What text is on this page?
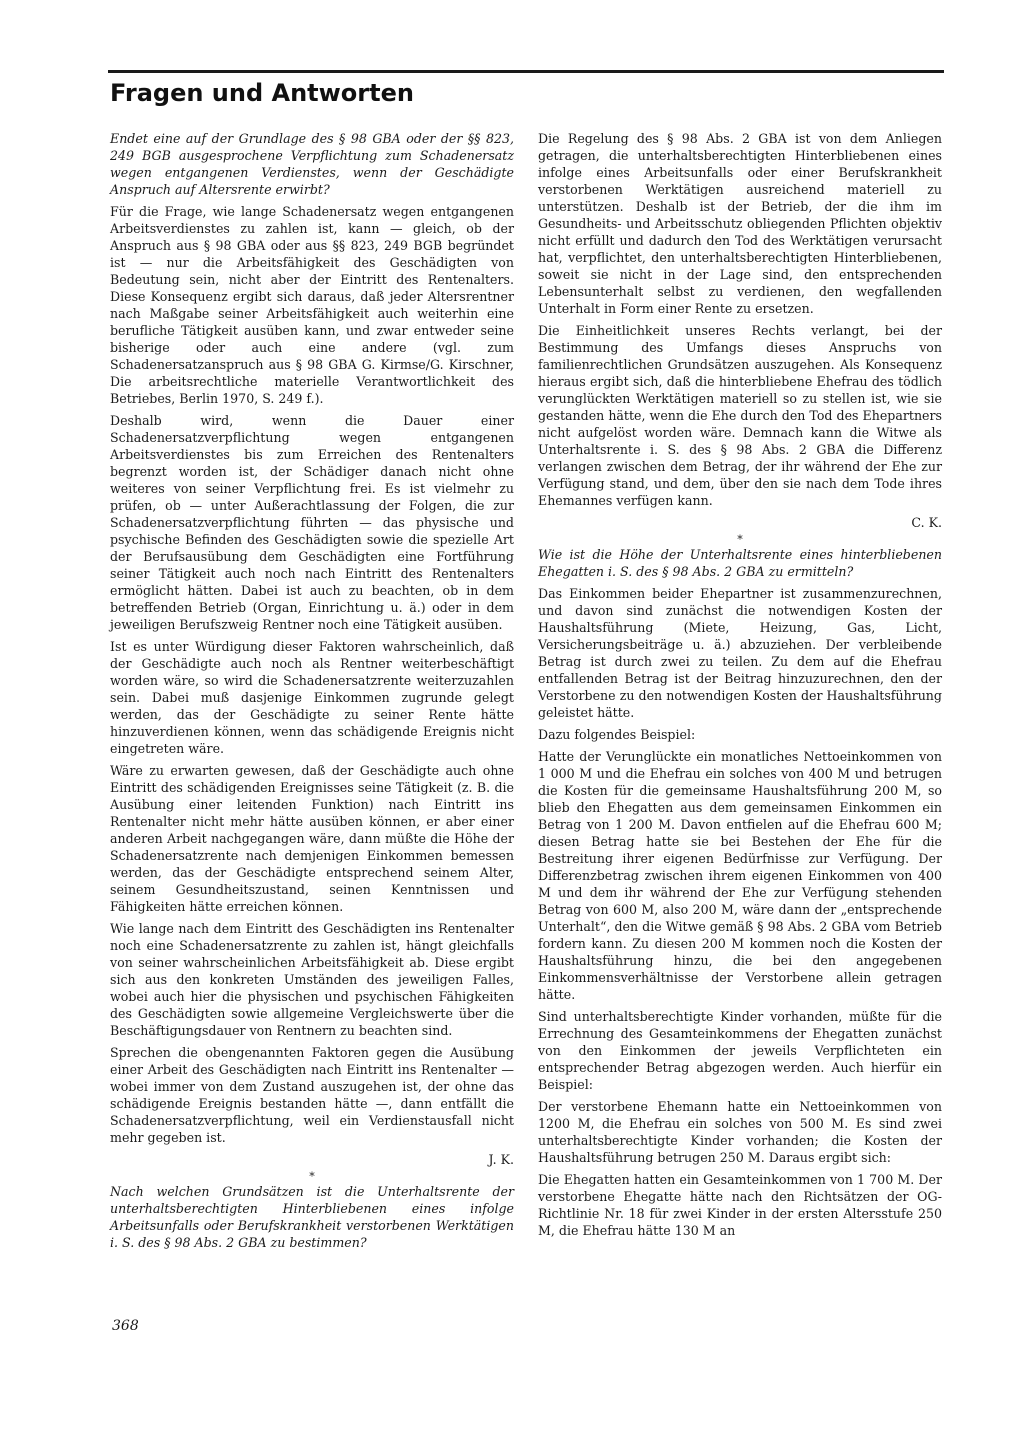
Fragen und Antworten

Endet eine auf der Grundlage des § 98 GBA oder der §§ 823, 249 BGB ausgesprochene Verpflichtung zum Schadenersatz wegen entgangenen Verdienstes, wenn der Geschädigte Anspruch auf Altersrente erwirbt?

Für die Frage, wie lange Schadenersatz wegen entgangenen Arbeitsverdienstes zu zahlen ist, kann — gleich, ob der Anspruch aus § 98 GBA oder aus §§ 823, 249 BGB begründet ist — nur die Arbeitsfähigkeit des Geschädigten von Bedeutung sein, nicht aber der Eintritt des Rentenalters. Diese Konsequenz ergibt sich daraus, daß jeder Altersrentner nach Maßgabe seiner Arbeitsfähigkeit auch weiterhin eine berufliche Tätigkeit ausüben kann, und zwar entweder seine bisherige oder auch eine andere (vgl. zum Schadenersatzanspruch aus § 98 GBA G. Kirmse/G. Kirschner, Die arbeitsrechtliche materielle Verantwortlichkeit des Betriebes, Berlin 1970, S. 249 f.).

Deshalb wird, wenn die Dauer einer Schadenersatzverpflichtung wegen entgangenen Arbeitsverdienstes bis zum Erreichen des Rentenalters begrenzt worden ist, der Schädiger danach nicht ohne weiteres von seiner Verpflichtung frei. Es ist vielmehr zu prüfen, ob — unter Außerachtlassung der Folgen, die zur Schadenersatzverpflichtung führten — das physische und psychische Befinden des Geschädigten sowie die spezielle Art der Berufsausübung dem Geschädigten eine Fortführung seiner Tätigkeit auch noch nach Eintritt des Rentenalters ermöglicht hätten. Dabei ist auch zu beachten, ob in dem betreffenden Betrieb (Organ, Einrichtung u. ä.) oder in dem jeweiligen Berufszweig Rentner noch eine Tätigkeit ausüben.

Ist es unter Würdigung dieser Faktoren wahrscheinlich, daß der Geschädigte auch noch als Rentner weiterbeschäftigt worden wäre, so wird die Schadenersatzrente weiterzuzahlen sein. Dabei muß dasjenige Einkommen zugrunde gelegt werden, das der Geschädigte zu seiner Rente hätte hinzuverdienen können, wenn das schädigende Ereignis nicht eingetreten wäre.

Wäre zu erwarten gewesen, daß der Geschädigte auch ohne Eintritt des schädigenden Ereignisses seine Tätigkeit (z. B. die Ausübung einer leitenden Funktion) nach Eintritt ins Rentenalter nicht mehr hätte ausüben können, er aber einer anderen Arbeit nachgegangen wäre, dann müßte die Höhe der Schadenersatzrente nach demjenigen Einkommen bemessen werden, das der Geschädigte entsprechend seinem Alter, seinem Gesundheitszustand, seinen Kenntnissen und Fähigkeiten hätte erreichen können.

Wie lange nach dem Eintritt des Geschädigten ins Rentenalter noch eine Schadenersatzrente zu zahlen ist, hängt gleichfalls von seiner wahrscheinlichen Arbeitsfähigkeit ab. Diese ergibt sich aus den konkreten Umständen des jeweiligen Falles, wobei auch hier die physischen und psychischen Fähigkeiten des Geschädigten sowie allgemeine Vergleichswerte über die Beschäftigungsdauer von Rentnern zu beachten sind.

Sprechen die obengenannten Faktoren gegen die Ausübung einer Arbeit des Geschädigten nach Eintritt ins Rentenalter — wobei immer von dem Zustand auszugehen ist, der ohne das schädigende Ereignis bestanden hätte —, dann entfällt die Schadenersatzverpflichtung, weil ein Verdienstausfall nicht mehr gegeben ist.

J. K.

*

Nach welchen Grundsätzen ist die Unterhaltsrente der unterhaltsberechtigten Hinterbliebenen eines infolge Arbeitsunfalls oder Berufskrankheit verstorbenen Werktätigen i. S. des § 98 Abs. 2 GBA zu bestimmen?

Die Regelung des § 98 Abs. 2 GBA ist von dem Anliegen getragen, die unterhaltsberechtigten Hinterbliebenen eines infolge eines Arbeitsunfalls oder einer Berufskrankheit verstorbenen Werktätigen ausreichend materiell zu unterstützen. Deshalb ist der Betrieb, der die ihm im Gesundheits- und Arbeitsschutz obliegenden Pflichten objektiv nicht erfüllt und dadurch den Tod des Werktätigen verursacht hat, verpflichtet, den unterhaltsberechtigten Hinterbliebenen, soweit sie nicht in der Lage sind, den entsprechenden Lebensunterhalt selbst zu verdienen, den wegfallenden Unterhalt in Form einer Rente zu ersetzen.

Die Einheitlichkeit unseres Rechts verlangt, bei der Bestimmung des Umfangs dieses Anspruchs von familienrechtlichen Grundsätzen auszugehen. Als Konsequenz hieraus ergibt sich, daß die hinterbliebene Ehefrau des tödlich verunglückten Werktätigen materiell so zu stellen ist, wie sie gestanden hätte, wenn die Ehe durch den Tod des Ehepartners nicht aufgelöst worden wäre. Demnach kann die Witwe als Unterhaltsrente i. S. des § 98 Abs. 2 GBA die Differenz verlangen zwischen dem Betrag, der ihr während der Ehe zur Verfügung stand, und dem, über den sie nach dem Tode ihres Ehemannes verfügen kann.

C. K.

*

Wie ist die Höhe der Unterhaltsrente eines hinterbliebenen Ehegatten i. S. des § 98 Abs. 2 GBA zu ermitteln?

Das Einkommen beider Ehepartner ist zusammenzurechnen, und davon sind zunächst die notwendigen Kosten der Haushaltsführung (Miete, Heizung, Gas, Licht, Versicherungsbeiträge u. ä.) abzuziehen. Der verbleibende Betrag ist durch zwei zu teilen. Zu dem auf die Ehefrau entfallenden Betrag ist der Beitrag hinzuzurechnen, den der Verstorbene zu den notwendigen Kosten der Haushaltsführung geleistet hätte.

Dazu folgendes Beispiel:

Hatte der Verunglückte ein monatliches Nettoeinkommen von 1 000 M und die Ehefrau ein solches von 400 M und betrugen die Kosten für die gemeinsame Haushaltsführung 200 M, so blieb den Ehegatten aus dem gemeinsamen Einkommen ein Betrag von 1 200 M. Davon entfielen auf die Ehefrau 600 M; diesen Betrag hatte sie bei Bestehen der Ehe für die Bestreitung ihrer eigenen Bedürfnisse zur Verfügung. Der Differenzbetrag zwischen ihrem eigenen Einkommen von 400 M und dem ihr während der Ehe zur Verfügung stehenden Betrag von 600 M, also 200 M, wäre dann der „entsprechende Unterhalt“, den die Witwe gemäß § 98 Abs. 2 GBA vom Betrieb fordern kann. Zu diesen 200 M kommen noch die Kosten der Haushaltsführung hinzu, die bei den angegebenen Einkommensverhältnisse der Verstorbene allein getragen hätte.

Sind unterhaltsberechtigte Kinder vorhanden, müßte für die Errechnung des Gesamteinkommens der Ehegatten zunächst von den Einkommen der jeweils Verpflichteten ein entsprechender Betrag abgezogen werden. Auch hierfür ein Beispiel:

Der verstorbene Ehemann hatte ein Nettoeinkommen von 1200 M, die Ehefrau ein solches von 500 M. Es sind zwei unterhaltsberechtigte Kinder vorhanden; die Kosten der Haushaltsführung betrugen 250 M. Daraus ergibt sich:

Die Ehegatten hatten ein Gesamteinkommen von 1 700 M. Der verstorbene Ehegatte hätte nach den Richtsätzen der OG-Richtlinie Nr. 18 für zwei Kinder in der ersten Altersstufe 250 M, die Ehefrau hätte 130 M an

368
